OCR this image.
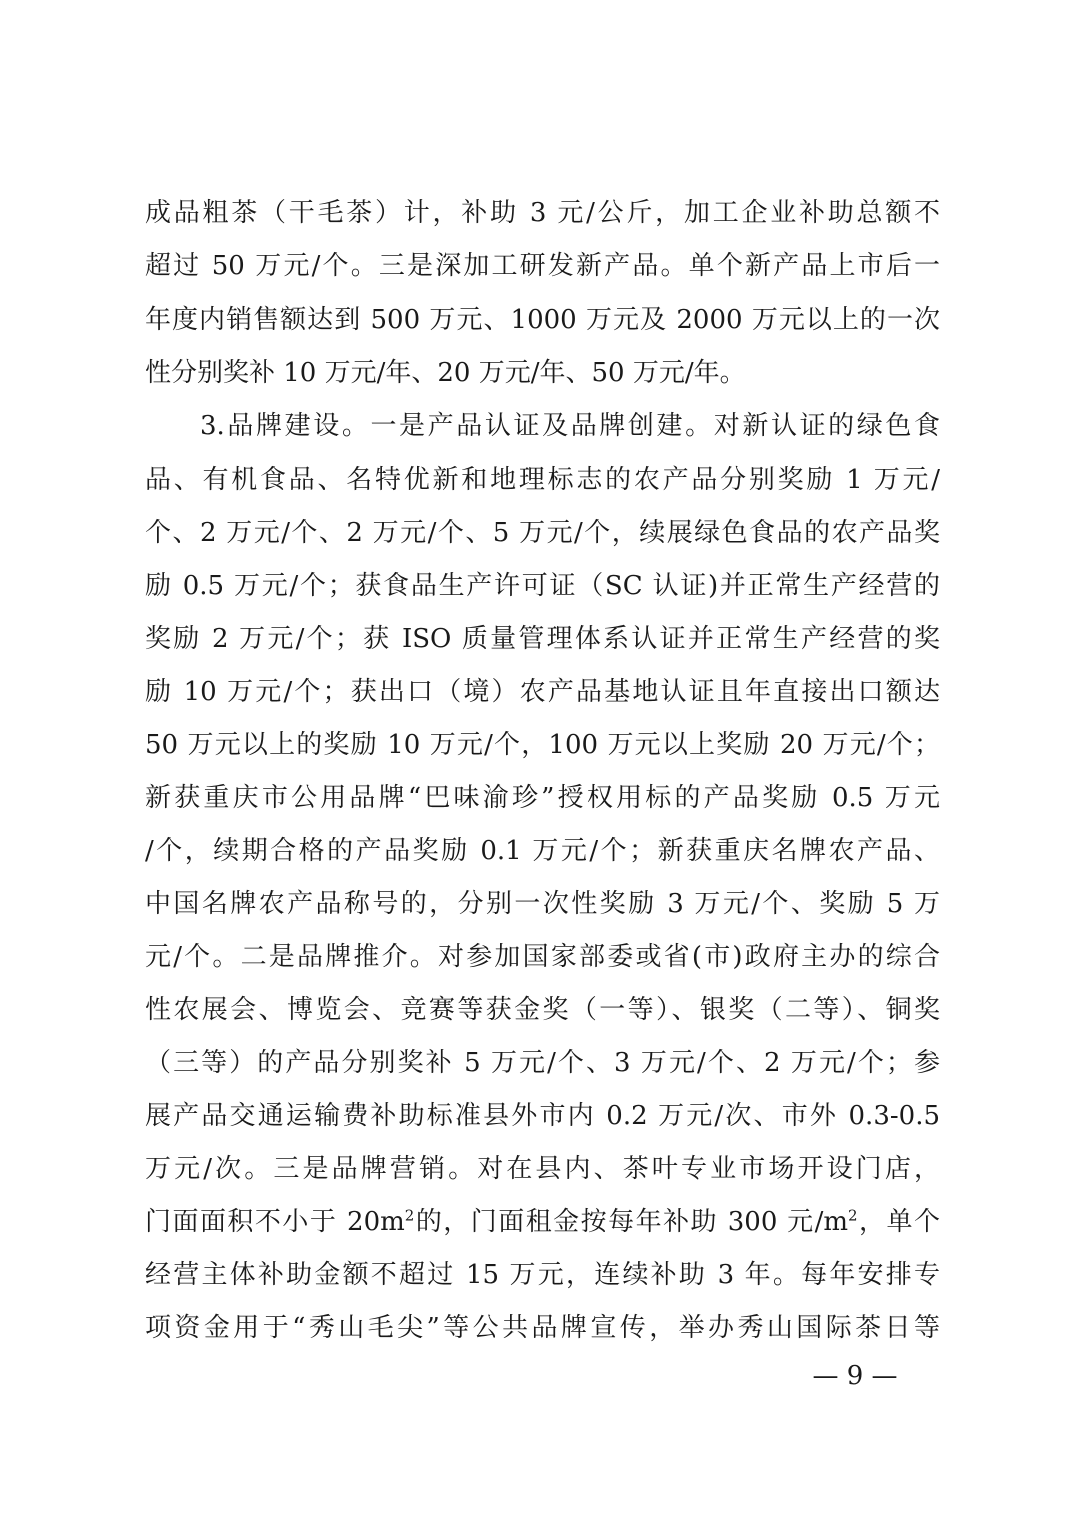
成品粗茶（干毛茶）计，补助 3 元/公斤，加工企业补助总额不
超过 50 万元/个。三是深加工研发新产品。单个新产品上市后一
年度内销售额达到 500 万元、1000 万元及 2000 万元以上的一次
性分别奖补 10 万元/年、20 万元/年、50 万元/年。
3.品牌建设。一是产品认证及品牌创建。对新认证的绿色食
品、有机食品、名特优新和地理标志的农产品分别奖励 1 万元/
个、2 万元/个、2 万元/个、5 万元/个，续展绿色食品的农产品奖
励 0.5 万元/个；获食品生产许可证（SC 认证)并正常生产经营的
奖励 2 万元/个；获 ISO 质量管理体系认证并正常生产经营的奖
励 10 万元/个；获出口（境）农产品基地认证且年直接出口额达
50 万元以上的奖励 10 万元/个，100 万元以上奖励 20 万元/个；
新获重庆市公用品牌“巴味渝珍”授权用标的产品奖励 0.5 万元
/个，续期合格的产品奖励 0.1 万元/个；新获重庆名牌农产品、
中国名牌农产品称号的，分别一次性奖励 3 万元/个、奖励 5 万
元/个。二是品牌推介。对参加国家部委或省(市)政府主办的综合
性农展会、博览会、竞赛等获金奖（一等）、银奖（二等）、铜奖
（三等）的产品分别奖补 5 万元/个、3 万元/个、2 万元/个；参
展产品交通运输费补助标准县外市内 0.2 万元/次、市外 0.3-0.5
万元/次。三是品牌营销。对在县内、茶叶专业市场开设门店，
门面面积不小于 $20m^2$的，门面租金按每年补助 300 元$/m^2$，单个
经营主体补助金额不超过 15 万元，连续补助 3 年。每年安排专
项资金用于“秀山毛尖”等公共品牌宣传，举办秀山国际茶日等
— 9 —
